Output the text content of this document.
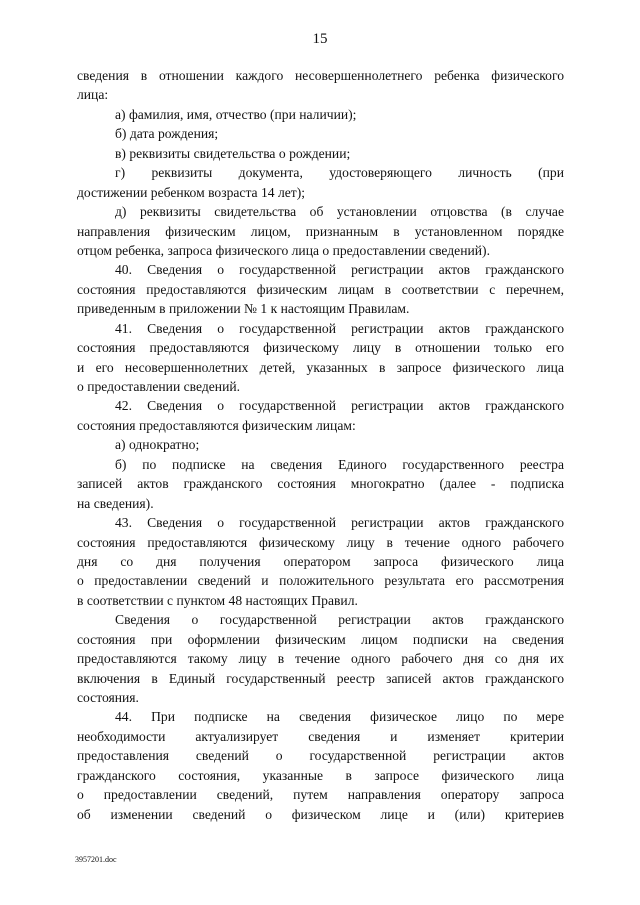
15
сведения в отношении каждого несовершеннолетнего ребенка физического
лица:
а) фамилия, имя, отчество (при наличии);
б) дата рождения;
в) реквизиты свидетельства о рождении;
г) реквизиты документа, удостоверяющего личность (при
достижении ребенком возраста 14 лет);
д) реквизиты свидетельства об установлении отцовства (в случае
направления физическим лицом, признанным в установленном порядке
отцом ребенка, запроса физического лица о предоставлении сведений).
40. Сведения о государственной регистрации актов гражданского
состояния предоставляются физическим лицам в соответствии с перечнем,
приведенным в приложении № 1 к настоящим Правилам.
41. Сведения о государственной регистрации актов гражданского
состояния предоставляются физическому лицу в отношении только его
и его несовершеннолетних детей, указанных в запросе физического лица
о предоставлении сведений.
42. Сведения о государственной регистрации актов гражданского
состояния предоставляются физическим лицам:
а) однократно;
б) по подписке на сведения Единого государственного реестра
записей актов гражданского состояния многократно (далее - подписка
на сведения).
43. Сведения о государственной регистрации актов гражданского
состояния предоставляются физическому лицу в течение одного рабочего
дня со дня получения оператором запроса физического лица
о предоставлении сведений и положительного результата его рассмотрения
в соответствии с пунктом 48 настоящих Правил.
Сведения о государственной регистрации актов гражданского
состояния при оформлении физическим лицом подписки на сведения
предоставляются такому лицу в течение одного рабочего дня со дня их
включения в Единый государственный реестр записей актов гражданского
состояния.
44. При подписке на сведения физическое лицо по мере
необходимости актуализирует сведения и изменяет критерии
предоставления сведений о государственной регистрации актов
гражданского состояния, указанные в запросе физического лица
о предоставлении сведений, путем направления оператору запроса
об изменении сведений о физическом лице и (или) критериев
3957201.doc
